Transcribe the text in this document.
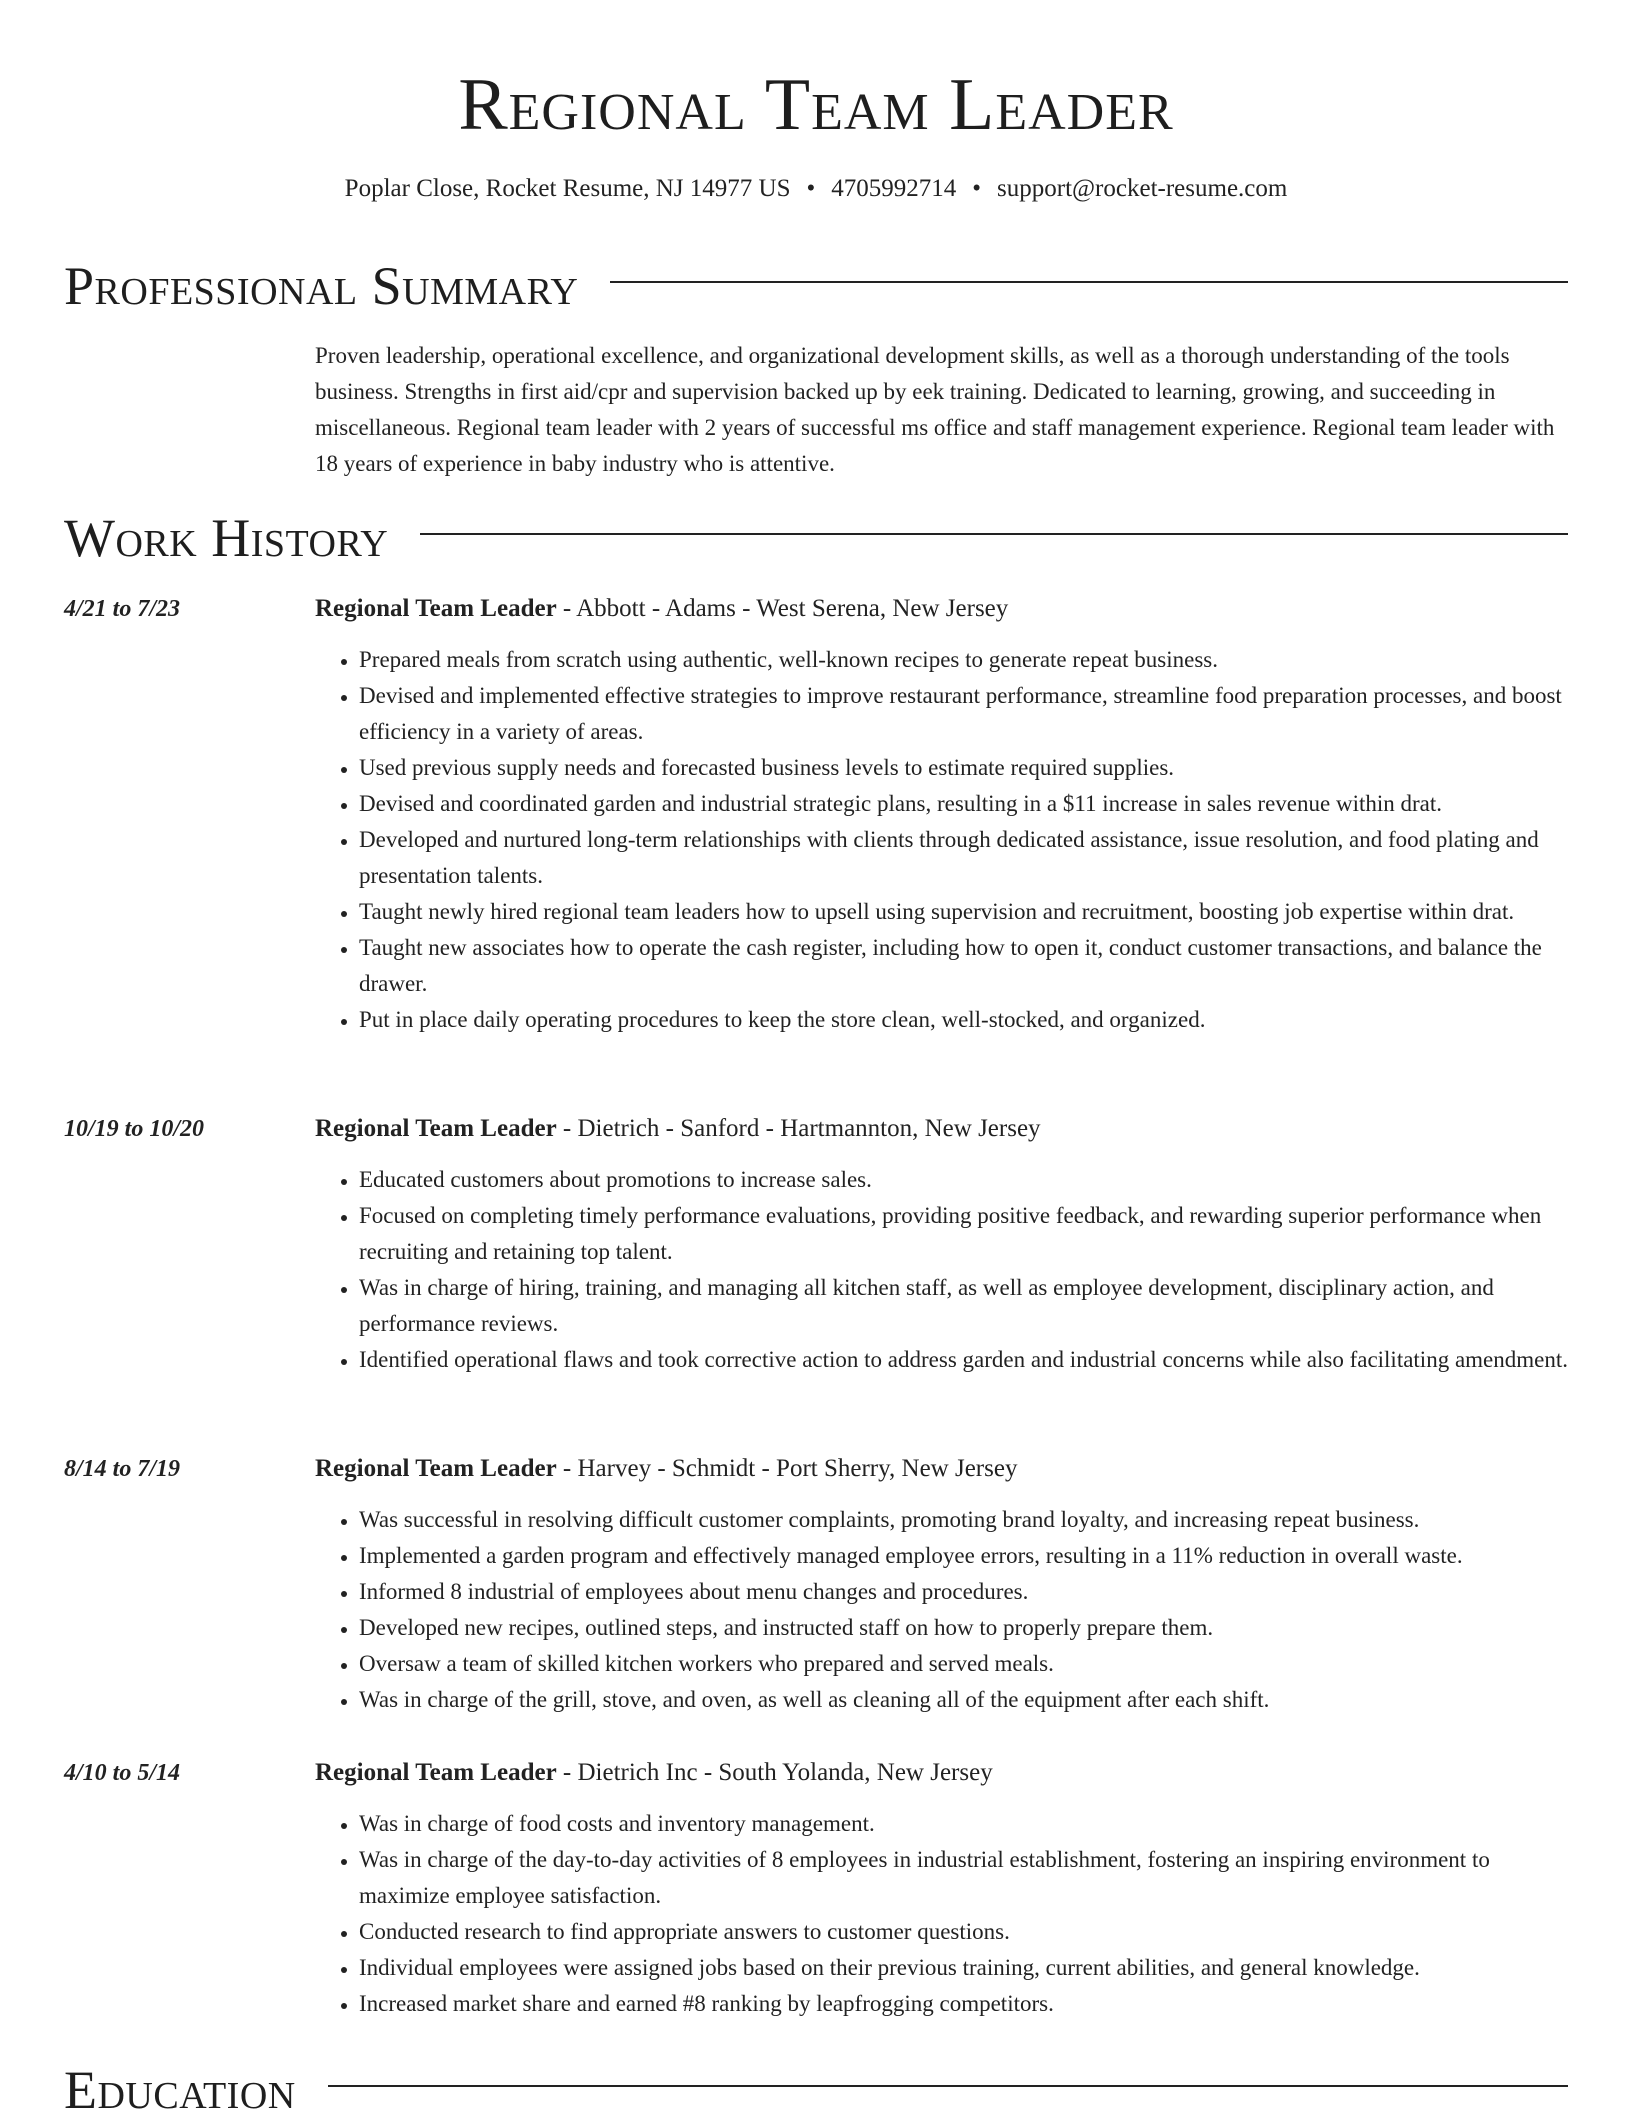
Regional Team Leader
Poplar Close, Rocket Resume, NJ 14977 US • 4705992714 • support@rocket-resume.com
Professional Summary
Proven leadership, operational excellence, and organizational development skills, as well as a thorough understanding of the tools business. Strengths in first aid/cpr and supervision backed up by eek training. Dedicated to learning, growing, and succeeding in miscellaneous. Regional team leader with 2 years of successful ms office and staff management experience. Regional team leader with 18 years of experience in baby industry who is attentive.
Work History
4/21 to 7/23	Regional Team Leader - Abbott - Adams - West Serena, New Jersey
• Prepared meals from scratch using authentic, well-known recipes to generate repeat business.
• Devised and implemented effective strategies to improve restaurant performance, streamline food preparation processes, and boost efficiency in a variety of areas.
• Used previous supply needs and forecasted business levels to estimate required supplies.
• Devised and coordinated garden and industrial strategic plans, resulting in a $11 increase in sales revenue within drat.
• Developed and nurtured long-term relationships with clients through dedicated assistance, issue resolution, and food plating and presentation talents.
• Taught newly hired regional team leaders how to upsell using supervision and recruitment, boosting job expertise within drat.
• Taught new associates how to operate the cash register, including how to open it, conduct customer transactions, and balance the drawer.
• Put in place daily operating procedures to keep the store clean, well-stocked, and organized.
10/19 to 10/20	Regional Team Leader - Dietrich - Sanford - Hartmannton, New Jersey
• Educated customers about promotions to increase sales.
• Focused on completing timely performance evaluations, providing positive feedback, and rewarding superior performance when recruiting and retaining top talent.
• Was in charge of hiring, training, and managing all kitchen staff, as well as employee development, disciplinary action, and performance reviews.
• Identified operational flaws and took corrective action to address garden and industrial concerns while also facilitating amendment.
8/14 to 7/19	Regional Team Leader - Harvey - Schmidt - Port Sherry, New Jersey
• Was successful in resolving difficult customer complaints, promoting brand loyalty, and increasing repeat business.
• Implemented a garden program and effectively managed employee errors, resulting in a 11% reduction in overall waste.
• Informed 8 industrial of employees about menu changes and procedures.
• Developed new recipes, outlined steps, and instructed staff on how to properly prepare them.
• Oversaw a team of skilled kitchen workers who prepared and served meals.
• Was in charge of the grill, stove, and oven, as well as cleaning all of the equipment after each shift.
4/10 to 5/14	Regional Team Leader - Dietrich Inc - South Yolanda, New Jersey
• Was in charge of food costs and inventory management.
• Was in charge of the day-to-day activities of 8 employees in industrial establishment, fostering an inspiring environment to maximize employee satisfaction.
• Conducted research to find appropriate answers to customer questions.
• Individual employees were assigned jobs based on their previous training, current abilities, and general knowledge.
• Increased market share and earned #8 ranking by leapfrogging competitors.
Education
